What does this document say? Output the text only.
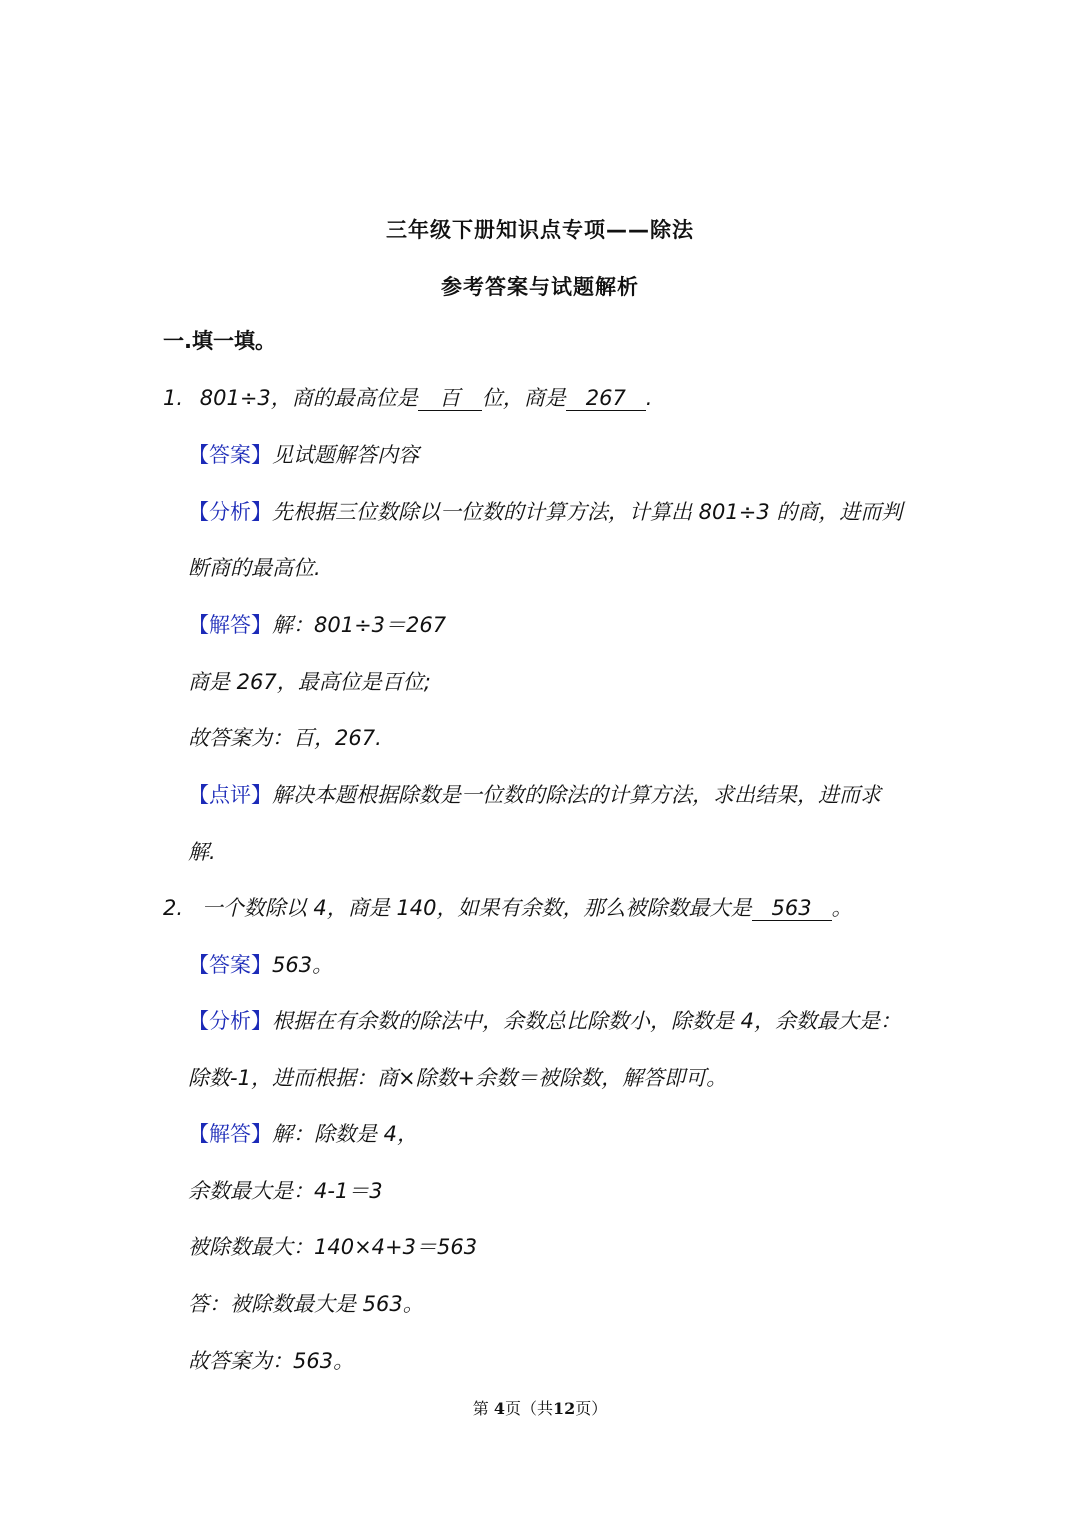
三年级下册知识点专项——除法
参考答案与试题解析
一.填一填。
1. 801÷3，商的最高位是 百 位，商是 267 .
【答案】见试题解答内容
【分析】先根据三位数除以一位数的计算方法，计算出 801÷3 的商，进而判
断商的最高位.
【解答】解：801÷3＝267
商是 267，最高位是百位;
故答案为：百，267.
【点评】解决本题根据除数是一位数的除法的计算方法，求出结果，进而求
解.
2. 一个数除以 4，商是 140，如果有余数，那么被除数最大是 563 。
【答案】563。
【分析】根据在有余数的除法中，余数总比除数小，除数是 4，余数最大是：
除数-1，进而根据：商×除数+余数＝被除数，解答即可。
【解答】解：除数是 4，
余数最大是：4-1＝3
被除数最大：140×4+3＝563
答：被除数最大是 563。
故答案为：563。
第 4页（共12页）
